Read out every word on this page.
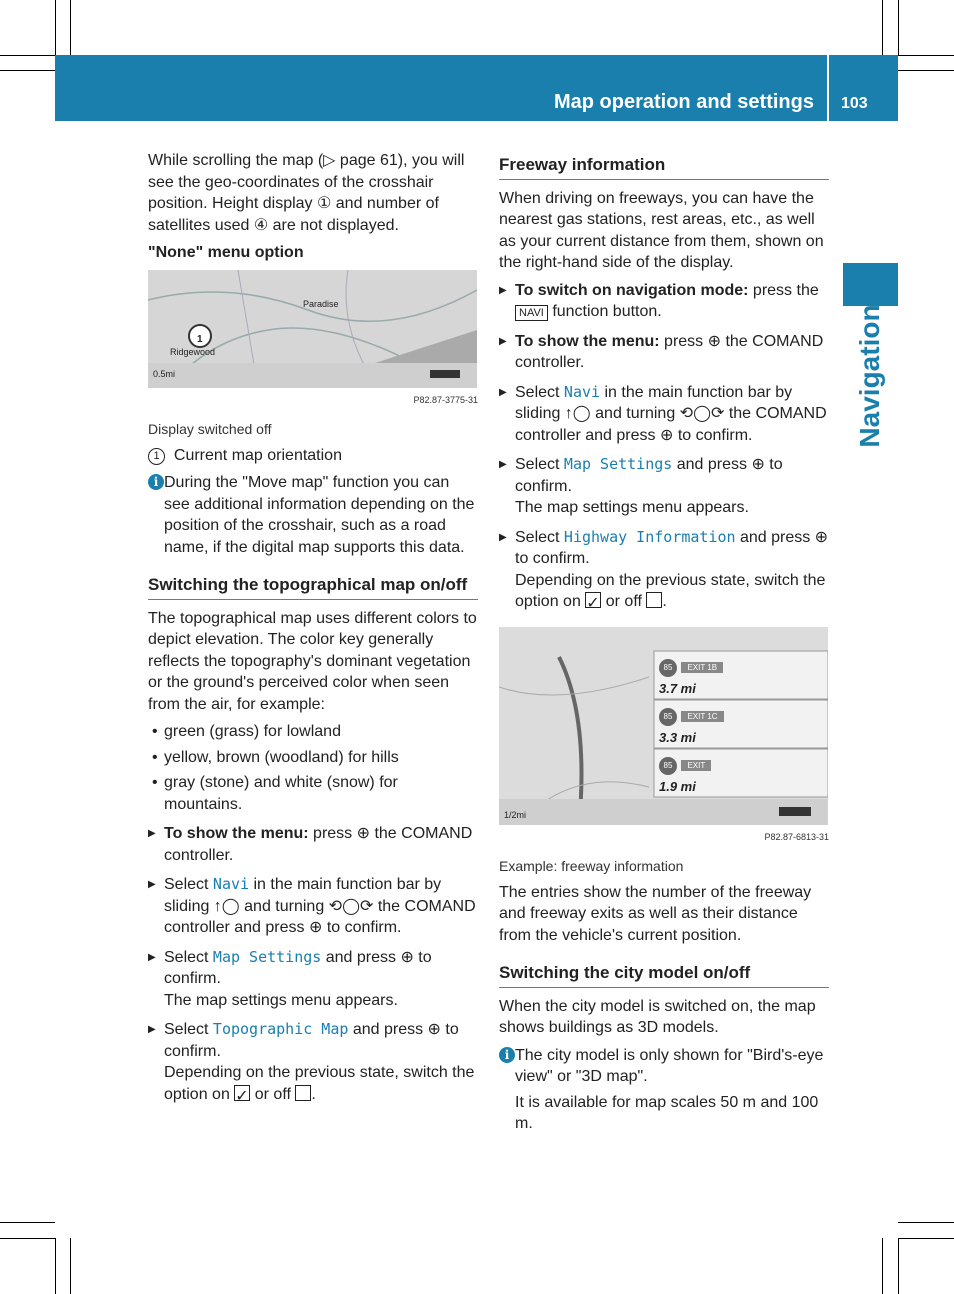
Map operation and settings 103
Navigation

While scrolling the map (▷ page 61), you will see the geo-coordinates of the crosshair position. Height display ① and number of satellites used ④ are not displayed.

"None" menu option

Ridgewood
Paradise
0.5mi
1
P82.87-3775-31
Display switched off

1 Current map orientation

i During the "Move map" function you can see additional information depending on the position of the crosshair, such as a road name, if the digital map supports this data.
Switching the topographical map on/off

The topographical map uses different colors to depict elevation. The color key generally reflects the topography's dominant vegetation or the ground's perceived color when seen from the air, for example:

• green (grass) for lowland
• yellow, brown (woodland) for hills
• gray (stone) and white (snow) for mountains.
▶ To show the menu: press ⊕ the COMAND controller.
▶ Select Navi in the main function bar by sliding ↑◯ and turning ⟲◯⟳ the COMAND controller and press ⊕ to confirm.
▶ Select Map Settings and press ⊕ to confirm.
The map settings menu appears.
▶ Select Topographic Map and press ⊕ to confirm.
Depending on the previous state, switch the option on ✓ or off .
Freeway information

When driving on freeways, you can have the nearest gas stations, rest areas, etc., as well as your current distance from them, shown on the right-hand side of the display.

▶ To switch on navigation mode: press the
NAVI function button.
▶ To show the menu: press ⊕ the COMAND controller.
▶ Select Navi in the main function bar by sliding ↑◯ and turning ⟲◯⟳ the COMAND controller and press ⊕ to confirm.
▶ Select Map Settings and press ⊕ to confirm.
The map settings menu appears.
▶ Select Highway Information and press ⊕ to confirm.
Depending on the previous state, switch the option on ✓ or off .
85 EXIT 1B
3.7 mi
85 EXIT 1C
3.3 mi
85 EXIT
1.9 mi
1/2mi
P82.87-6813-31
Example: freeway information

The entries show the number of the freeway and freeway exits as well as their distance from the vehicle's current position.

Switching the city model on/off

When the city model is switched on, the map shows buildings as 3D models.

i The city model is only shown for "Bird's-eye view" or "3D map".
It is available for map scales 50 m and 100 m.
